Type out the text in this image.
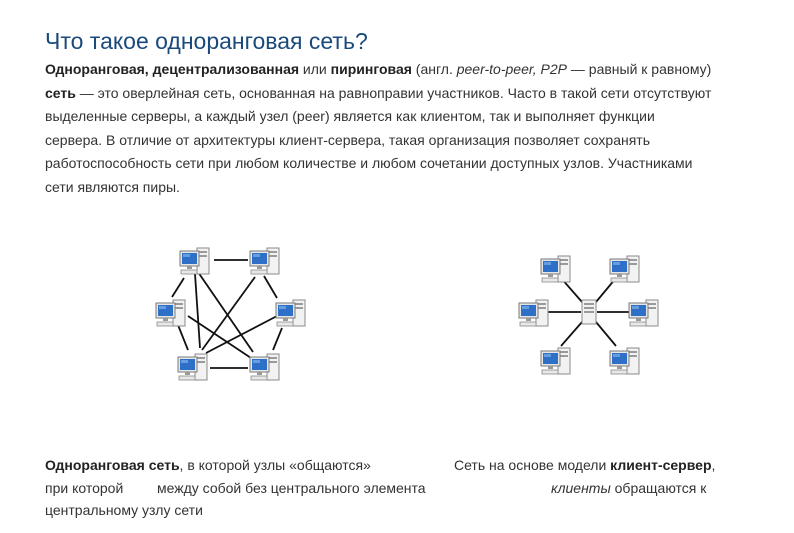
Что такое одноранговая сеть?

Одноранговая, децентрализованная или пиринговая (англ. peer-to-peer, P2P — равный к равному)
сеть — это оверлейная сеть, основанная на равноправии участников. Часто в такой сети отсутствуют
выделенные серверы, а каждый узел (peer) является как клиентом, так и выполняет функции
сервера. В отличие от архитектуры клиент-сервера, такая организация позволяет сохранять
работоспособность сети при любом количестве и любом сочетании доступных узлов. Участниками
сети являются пиры.

Одноранговая сеть, в которой узлы «общаются»
при которой между собой без центрального элемента
центральному узлу сети
Сеть на основе модели клиент-сервер,
клиенты обращаются к
